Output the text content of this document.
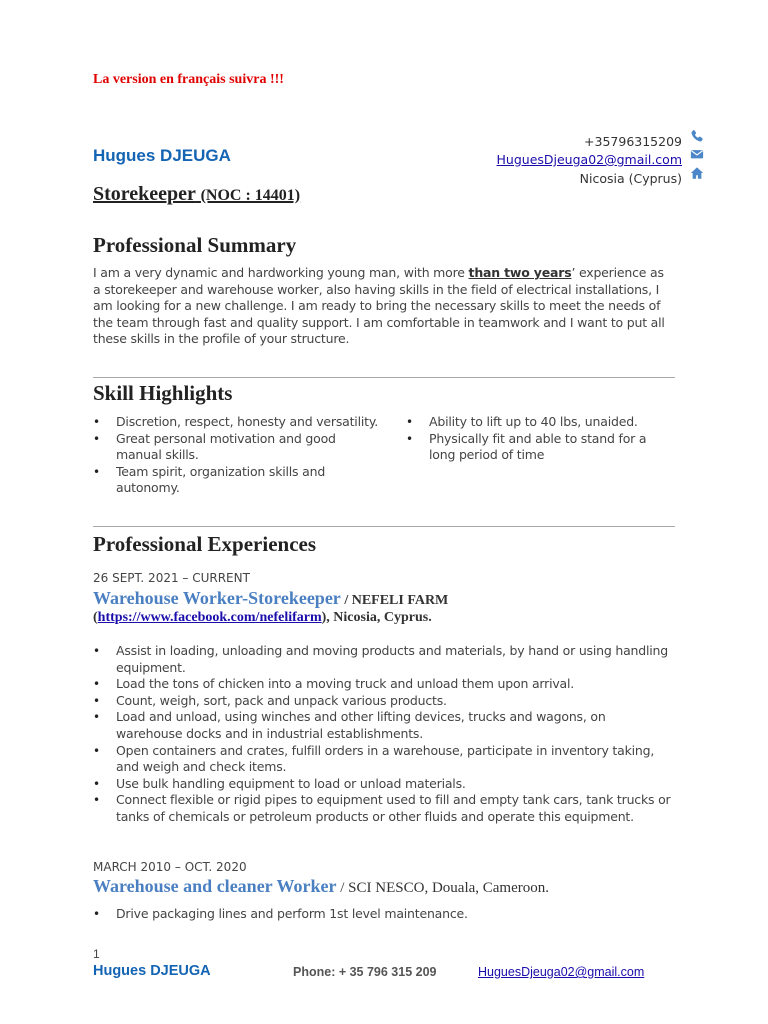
La version en français suivra !!!
Hugues DJEUGA
+35796315209
HuguesDjeuga02@gmail.com
Nicosia (Cyprus)
Storekeeper (NOC : 14401)
Professional Summary
I am a very dynamic and hardworking young man, with more than two years’ experience as a storekeeper and warehouse worker, also having skills in the field of electrical installations, I am looking for a new challenge. I am ready to bring the necessary skills to meet the needs of the team through fast and quality support. I am comfortable in teamwork and I want to put all these skills in the profile of your structure.
Skill Highlights
• Discretion, respect, honesty and versatility.
• Great personal motivation and good manual skills.
• Team spirit, organization skills and autonomy.
• Ability to lift up to 40 lbs, unaided.
• Physically fit and able to stand for a long period of time
Professional Experiences
26 SEPT. 2021 – CURRENT
Warehouse Worker-Storekeeper / NEFELI FARM
(https://www.facebook.com/nefelifarm), Nicosia, Cyprus.
• Assist in loading, unloading and moving products and materials, by hand or using handling equipment.
• Load the tons of chicken into a moving truck and unload them upon arrival.
• Count, weigh, sort, pack and unpack various products.
• Load and unload, using winches and other lifting devices, trucks and wagons, on warehouse docks and in industrial establishments.
• Open containers and crates, fulfill orders in a warehouse, participate in inventory taking, and weigh and check items.
• Use bulk handling equipment to load or unload materials.
• Connect flexible or rigid pipes to equipment used to fill and empty tank cars, tank trucks or tanks of chemicals or petroleum products or other fluids and operate this equipment.
MARCH 2010 – OCT. 2020
Warehouse and cleaner Worker / SCI NESCO, Douala, Cameroon.
• Drive packaging lines and perform 1st level maintenance.
1
Hugues DJEUGA	Phone: + 35 796 315 209	HuguesDjeuga02@gmail.com
